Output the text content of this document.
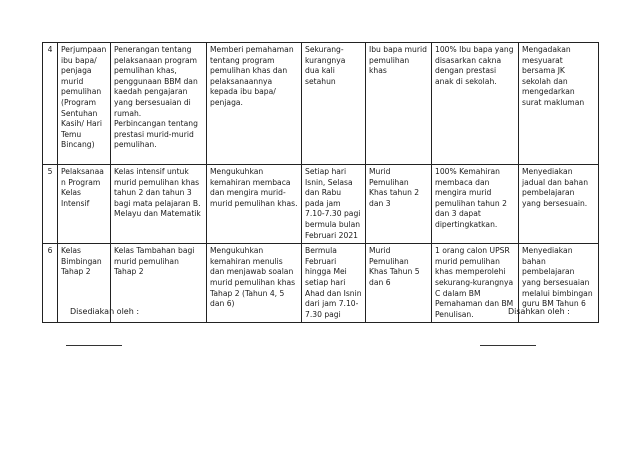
4	Perjumpaan ibu bapa/ penjaga murid pemulihan (Program Sentuhan Kasih/ Hari Temu Bincang)	Penerangan tentang pelaksanaan program pemulihan khas, penggunaan BBM dan kaedah pengajaran yang bersesuaian di rumah.
Perbincangan tentang prestasi murid-murid pemulihan.	Memberi pemahaman tentang program pemulihan khas dan pelaksanaannya kepada ibu bapa/ penjaga.	Sekurang-kurangnya dua kali setahun	Ibu bapa murid pemulihan khas	100% Ibu bapa yang disasarkan cakna dengan prestasi anak di sekolah.	Mengadakan mesyuarat bersama JK sekolah dan mengedarkan surat makluman
5	Pelaksanaan Program Kelas Intensif	Kelas intensif untuk murid pemulihan khas tahun 2 dan tahun 3 bagi mata pelajaran B. Melayu dan Matematik	Mengukuhkan kemahiran membaca dan mengira murid-murid pemulihan khas.	Setiap hari Isnin, Selasa dan Rabu pada jam 7.10-7.30 pagi bermula bulan Februari 2021	Murid Pemulihan Khas tahun 2 dan 3	100% Kemahiran membaca dan mengira murid pemulihan tahun 2 dan 3 dapat dipertingkatkan.	Menyediakan jadual dan bahan pembelajaran yang bersesuain.
6	Kelas Bimbingan Tahap 2	Kelas Tambahan bagi murid pemulihan Tahap 2	Mengukuhkan kemahiran menulis dan menjawab soalan murid pemulihan khas Tahap 2 (Tahun 4, 5 dan 6)	Bermula Februari hingga Mei setiap hari Ahad dan Isnin dari jam 7.10-7.30 pagi	Murid Pemulihan Khas Tahun 5 dan 6	1 orang calon UPSR murid pemulihan khas memperolehi sekurang-kurangnya C dalam BM Pemahaman dan BM Penulisan.	Menyediakan bahan pembelajaran yang bersesuaian melalui bimbingan guru BM Tahun 6
Disediakan oleh :	Disahkan oleh :
